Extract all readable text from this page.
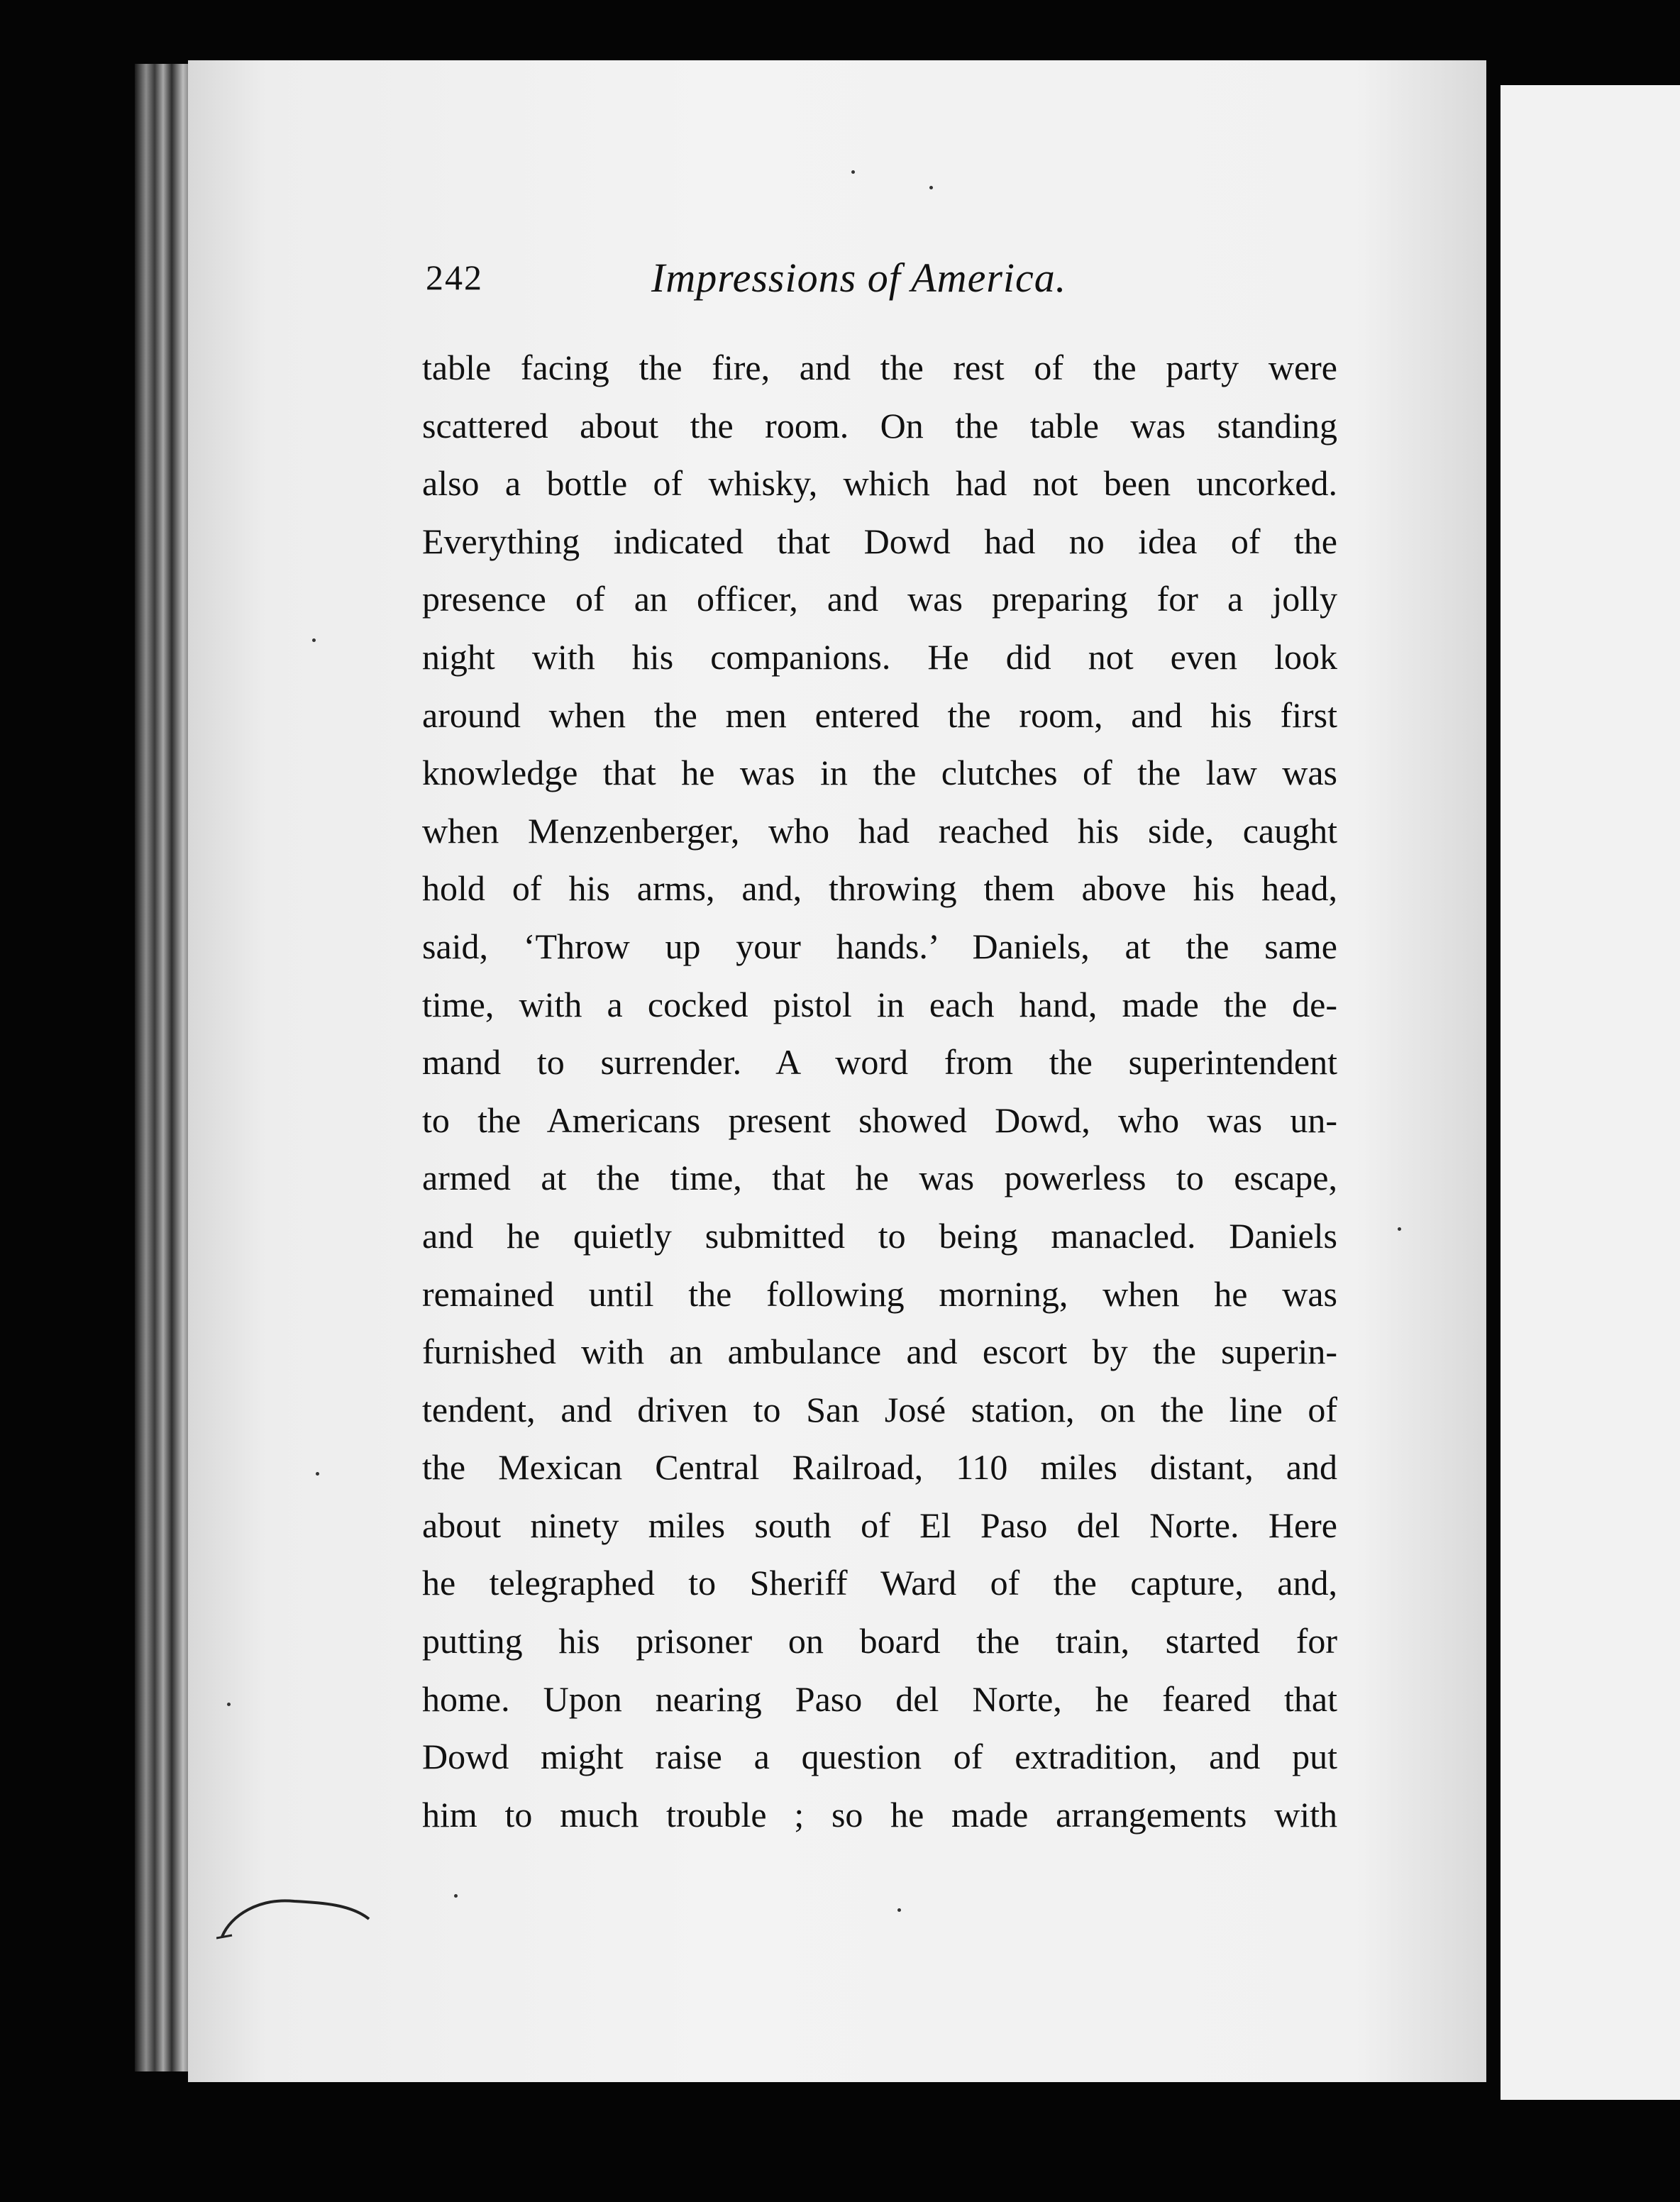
242	Impressions of America.
table facing the fire, and the rest of the party were
scattered about the room. On the table was standing
also a bottle of whisky, which had not been uncorked.
Everything indicated that Dowd had no idea of the
presence of an officer, and was preparing for a jolly
night with his companions. He did not even look
around when the men entered the room, and his first
knowledge that he was in the clutches of the law was
when Menzenberger, who had reached his side, caught
hold of his arms, and, throwing them above his head,
said, ‘Throw up your hands.’ Daniels, at the same
time, with a cocked pistol in each hand, made the de-
mand to surrender. A word from the superintendent
to the Americans present showed Dowd, who was un-
armed at the time, that he was powerless to escape,
and he quietly submitted to being manacled. Daniels
remained until the following morning, when he was
furnished with an ambulance and escort by the superin-
tendent, and driven to San José station, on the line of
the Mexican Central Railroad, 110 miles distant, and
about ninety miles south of El Paso del Norte. Here
he telegraphed to Sheriff Ward of the capture, and,
putting his prisoner on board the train, started for
home. Upon nearing Paso del Norte, he feared that
Dowd might raise a question of extradition, and put
him to much trouble ; so he made arrangements with
